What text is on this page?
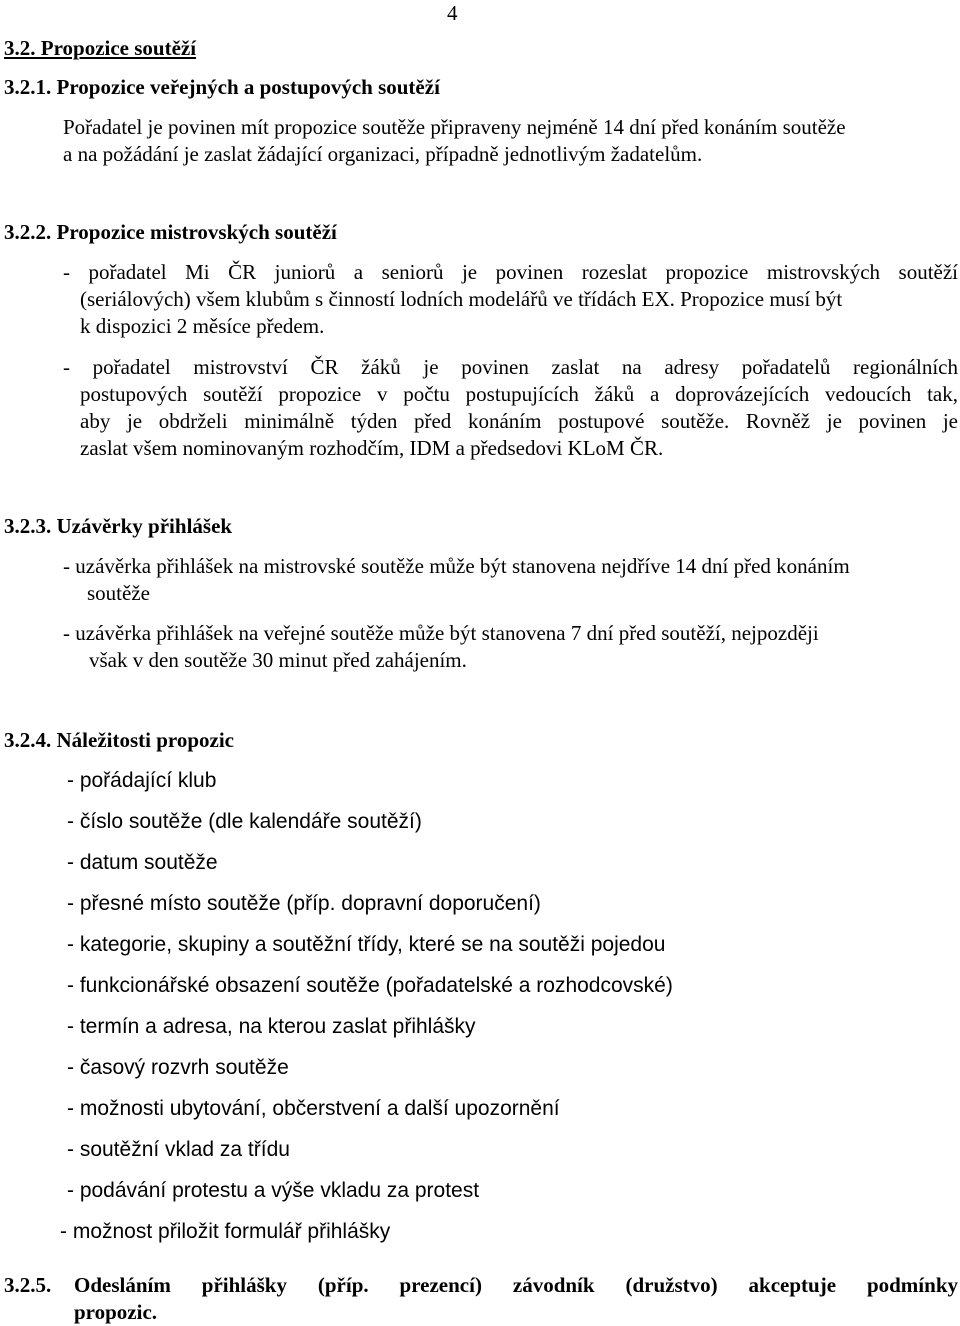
4
3.2. Propozice soutěží
3.2.1. Propozice veřejných a postupových soutěží
Pořadatel je povinen mít propozice soutěže připraveny nejméně 14 dní před konáním soutěže
a na požádání je zaslat žádající organizaci, případně jednotlivým žadatelům.
3.2.2. Propozice mistrovských soutěží
- pořadatel Mi ČR juniorů a seniorů je povinen rozeslat propozice mistrovských soutěží
(seriálových) všem klubům s činností lodních modelářů ve třídách EX. Propozice musí být
k dispozici 2 měsíce předem.
- pořadatel mistrovství ČR žáků je povinen zaslat na adresy pořadatelů regionálních
postupových soutěží propozice v počtu postupujících žáků a doprovázejících vedoucích tak,
aby je obdrželi minimálně týden před konáním postupové soutěže. Rovněž je povinen je
zaslat všem nominovaným rozhodčím, IDM a předsedovi KLoM ČR.
3.2.3. Uzávěrky přihlášek
- uzávěrka přihlášek na mistrovské soutěže může být stanovena nejdříve 14 dní před konáním
soutěže
- uzávěrka přihlášek na veřejné soutěže může být stanovena 7 dní před soutěží, nejpozději
však v den soutěže 30 minut před zahájením.
3.2.4. Náležitosti propozic
- pořádající klub
- číslo soutěže (dle kalendáře soutěží)
- datum soutěže
- přesné místo soutěže (příp. dopravní doporučení)
- kategorie, skupiny a soutěžní třídy, které se na soutěži pojedou
- funkcionářské obsazení soutěže (pořadatelské a rozhodcovské)
- termín a adresa, na kterou zaslat přihlášky
- časový rozvrh soutěže
- možnosti ubytování, občerstvení a další upozornění
- soutěžní vklad za třídu
- podávání protestu a výše vkladu za protest
- možnost přiložit formulář přihlášky
3.2.5. Odesláním přihlášky (příp. prezencí) závodník (družstvo) akceptuje podmínky
propozic.
